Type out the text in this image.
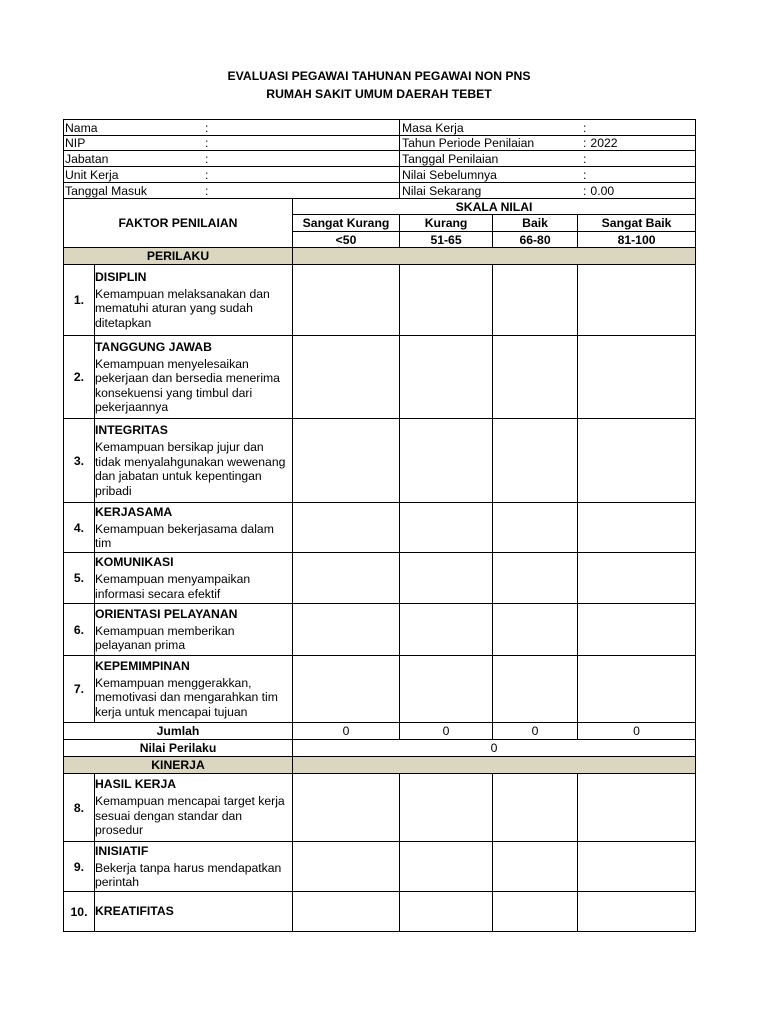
EVALUASI PEGAWAI TAHUNAN PEGAWAI NON PNS
RUMAH SAKIT UMUM DAERAH TEBET
Nama :			Masa Kerja :		
NIP :			Tahun Periode Penilaian : 2022		
Jabatan :			Tanggal Penilaian :		
Unit Kerja :			Nilai Sebelumnya :		
Tanggal Masuk :			Nilai Sekarang : 0.00		
FAKTOR PENILAIAN		SKALA NILAI			
		Sangat Kurang	Kurang	Baik	Sangat Baik
		<50	51-65	66-80	81-100
PERILAKU					
1.	DISIPLIN
Kemampuan melaksanakan dan
mematuhi aturan yang sudah
ditetapkan				

2.	TANGGUNG JAWAB
Kemampuan menyelesaikan
pekerjaan dan bersedia menerima
konsekuensi yang timbul dari
pekerjaannya				

3.	INTEGRITAS
Kemampuan bersikap jujur dan
tidak menyalahgunakan wewenang
dan jabatan untuk kepentingan
pribadi				

4.	KERJASAMA
Kemampuan bekerjasama dalam
tim				

5.	KOMUNIKASI
Kemampuan menyampaikan
informasi secara efektif				

6.	ORIENTASI PELAYANAN
Kemampuan memberikan
pelayanan prima				

7.	KEPEMIMPINAN
Kemampuan menggerakkan,
memotivasi dan mengarahkan tim
kerja untuk mencapai tujuan				

Jumlah		0	0	0	0
Nilai Perilaku		0			
KINERJA					
8.	HASIL KERJA
Kemampuan mencapai target kerja
sesuai dengan standar dan
prosedur				

9.	INISIATIF
Bekerja tanpa harus mendapatkan
perintah				

10.	KREATIFITAS				
